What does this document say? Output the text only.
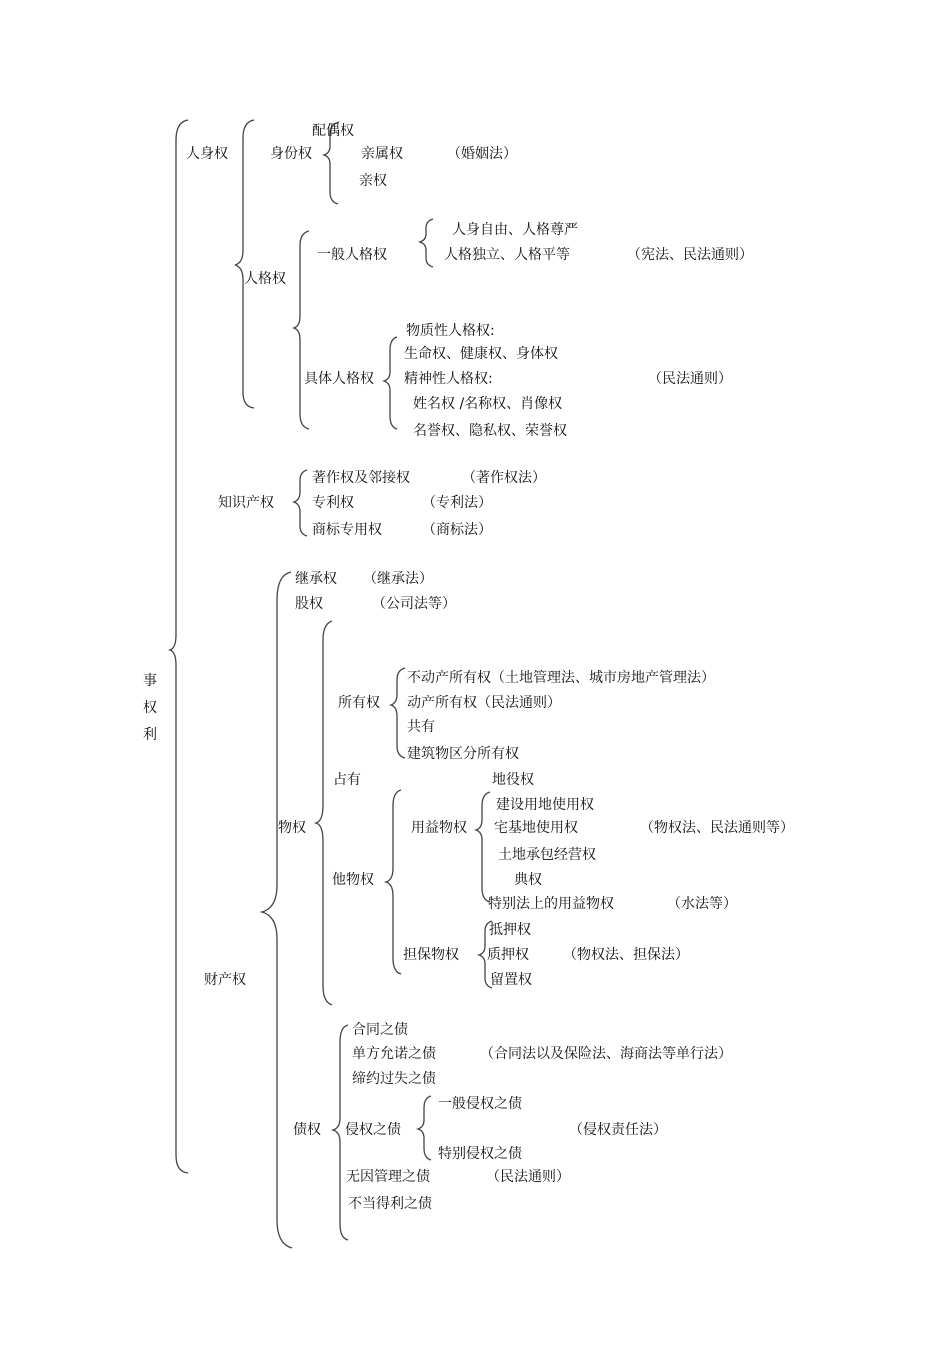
事
权
利
人身权	身份权
配偶权
亲属权
亲权
（婚姻法）
人格权
一般人格权
人身自由、人格尊严
人格独立、人格平等	（宪法、民法通则）
具体人格权
物质性人格权:
生命权、健康权、身体权
精神性人格权:
姓名权 /名称权、肖像权
名誉权、隐私权、荣誉权
（民法通则）
知识产权
著作权及邻接权	（著作权法）
专利权	（专利法）
商标专用权	（商标法）
财产权
继承权 （继承法）
股权	（公司法等）
物权
所有权
不动产所有权（土地管理法、城市房地产管理法）
动产所有权（民法通则）
共有
建筑物区分所有权
占有
他物权
用益物权
地役权
建设用地使用权
宅基地使用权
土地承包经营权
典权
特别法上的用益物权
（物权法、民法通则等）
（水法等）
担保物权
抵押权
质押权
留置权
（物权法、担保法）
债权
合同之债
单方允诺之债	（合同法以及保险法、海商法等单行法）
缔约过失之债
侵权之债
一般侵权之债
特别侵权之债
（侵权责任法）
无因管理之债	（民法通则）
不当得利之债
